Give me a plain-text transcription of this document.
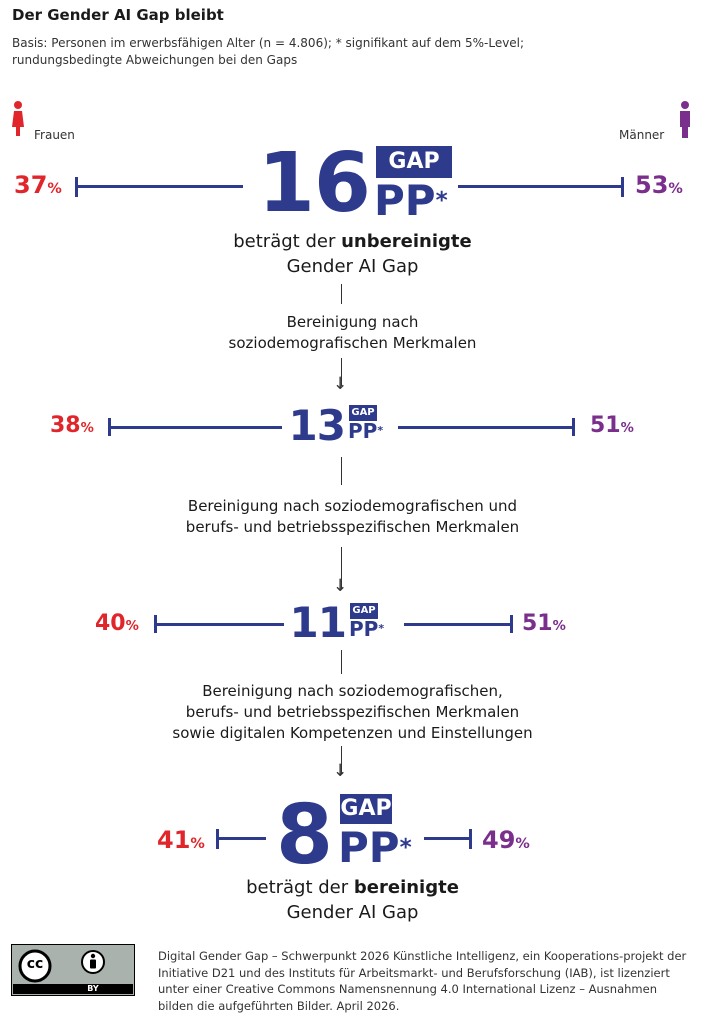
Der Gender AI Gap bleibt
Basis: Personen im erwerbsfähigen Alter (n = 4.806); * signifikant auf dem 5%-Level; rundungsbedingte Abweichungen bei den Gaps
Frauen	Männer
37% 16 GAP
PP*
53%
beträgt der unbereinigte
Gender AI Gap
Bereinigung nach
soziodemografischen Merkmalen
↓
38%	13 GAP
PP*	51%
Bereinigung nach soziodemografischen und
berufs- und betriebsspezifischen Merkmalen
↓
40%	11 GAP
PP*	51%
Bereinigung nach soziodemografischen,
berufs- und betriebsspezifischen Merkmalen
sowie digitalen Kompetenzen und Einstellungen
↓
41% 8 GAP
PP*	49%
beträgt der bereinigte
Gender AI Gap
cc
BY
Digital Gender Gap – Schwerpunkt 2026 Künstliche Intelligenz, ein Kooperations-projekt der Initiative D21 und des Instituts für Arbeitsmarkt- und Berufsforschung (IAB), ist lizenziert unter einer Creative Commons Namensnennung 4.0 International Lizenz – Ausnahmen bilden die aufgeführten Bilder. April 2026.
